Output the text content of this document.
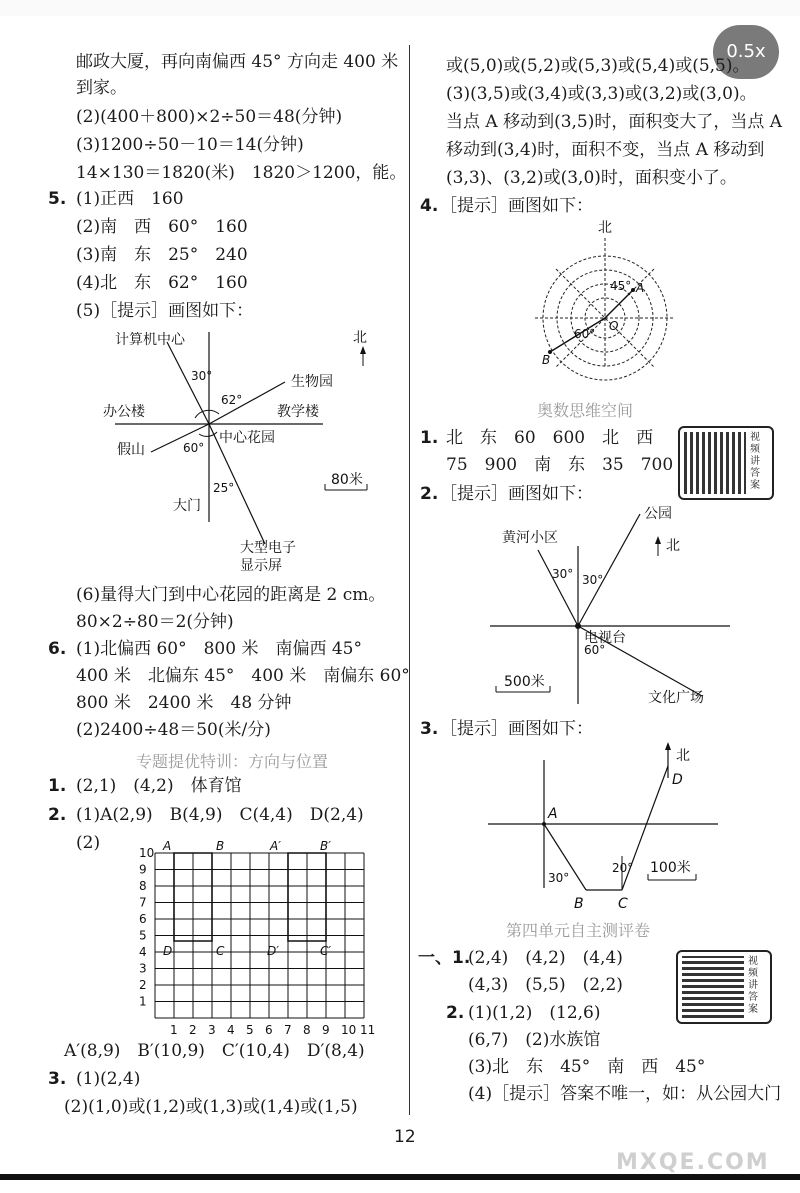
0.5x
邮政大厦，再向南偏西 45° 方向走 400 米
到家。
(2)(400＋800)×2÷50＝48(分钟)
(3)1200÷50－10＝14(分钟)
14×130＝1820(米)　1820＞1200，能。
5. (1)正西　160
(2)南　西　60°　160
(3)南　东　25°　240
(4)北　东　62°　160
(5)［提示］画图如下：
北
计算机中心
生物园
办公楼	教学楼
假山
中心花园
大门
大型电子
显示屏
30°
62°
60°
25°	80米
(6)量得大门到中心花园的距离是 2 cm。
80×2÷80＝2(分钟)
6. (1)北偏西 60°　800 米　南偏西 45°
400 米　北偏东 45°　400 米　南偏东 60°
800 米　2400 米　48 分钟
(2)2400÷48＝50(米/分)
专题提优特训：方向与位置
1. (2,1)　(4,2)　体育馆
2. (1)A(2,9)　B(4,9)　C(4,4)　D(2,4)
(2)
1 2 3 4 5 6 7 8 9 10 11
1
2
3
4
5
6
7
8
9
10 A	B
C
D
A′	B′
C′
D′
A′(8,9)　B′(10,9)　C′(10,4)　D′(8,4)
3. (1)(2,4)
(2)(1,0)或(1,2)或(1,3)或(1,4)或(1,5)
或(5,0)或(5,2)或(5,3)或(5,4)或(5,5)。
(3)(3,5)或(3,4)或(3,3)或(3,2)或(3,0)。
当点 A 移动到(3,5)时，面积变大了，当点 A
移动到(3,4)时，面积不变，当点 A 移动到
(3,3)、(3,2)或(3,0)时，面积变小了。
4. ［提示］画图如下：
北
45° A
O
60°
B
奥数思维空间
1. 北　东　60　600　北　西
75　900　南　东　35　700
视频讲答案
2. ［提示］画图如下：
黄河小区
公园
北
电视台
30° 30°
60°
500米
文化广场
3. ［提示］画图如下：
北
D
A
B C
30°
20° 100米
第四单元自主测评卷
一、1.
(2,4)　(4,2)　(4,4)
(4,3)　(5,5)　(2,2)
视频讲答案
2. (1)(1,2)　(12,6)
(6,7)　(2)水族馆
(3)北　东　45°　南　西　45°
(4)［提示］答案不唯一，如：从公园大门
12
MXQE.COM
